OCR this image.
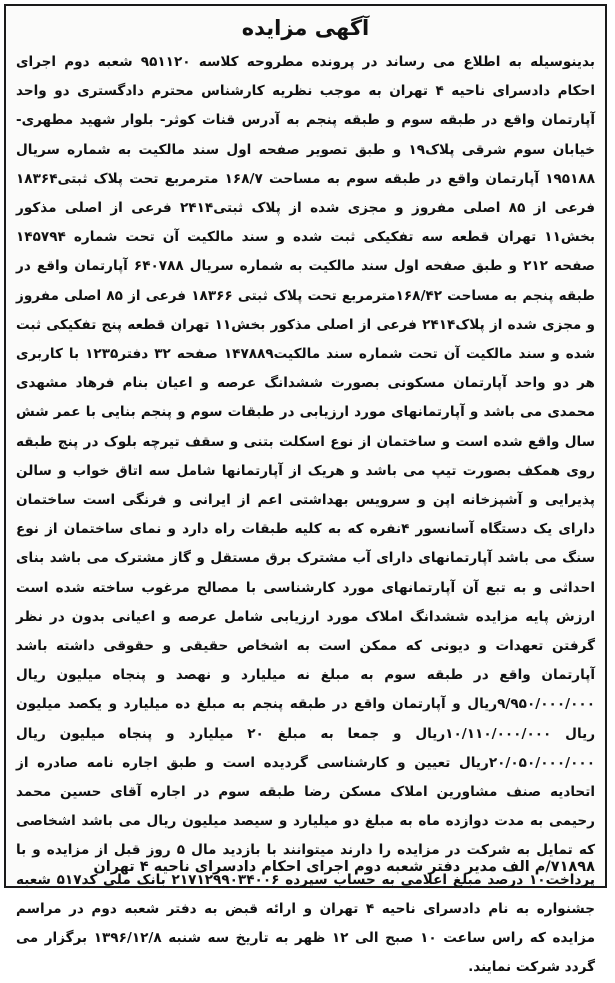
آگهی مزایده

بدینوسیله به اطلاع می رساند در پرونده مطروحه کلاسه ۹۵۱۱۲۰ شعبه دوم اجرای احکام دادسرای ناحیه ۴ تهران به موجب نظریه کارشناس محترم دادگستری دو واحد آپارتمان واقع در طبقه سوم و طبقه پنجم به آدرس قنات کوثر- بلوار شهید مطهری- خیابان سوم شرقی پلاک۱۹ و طبق تصویر صفحه اول سند مالکیت به شماره سریال ۱۹۵۱۸۸ آپارتمان واقع در طبقه سوم به مساحت ۱۶۸/۷ مترمربع تحت پلاک ثبتی۱۸۳۶۴ فرعی از ۸۵ اصلی مفروز و مجزی شده از پلاک ثبتی۲۴۱۴ فرعی از اصلی مذکور بخش۱۱ تهران قطعه سه تفکیکی ثبت شده و سند مالکیت آن تحت شماره ۱۴۵۷۹۴ صفحه ۲۱۲ و طبق صفحه اول سند مالکیت به شماره سریال ۶۴۰۷۸۸ آپارتمان واقع در طبقه پنجم به مساحت ۱۶۸/۴۲مترمربع تحت پلاک ثبتی ۱۸۳۶۶ فرعی از ۸۵ اصلی مفروز و مجزی شده از پلاک۲۴۱۴ فرعی از اصلی مذکور بخش۱۱ تهران قطعه پنج تفکیکی ثبت شده و سند مالکیت آن تحت شماره سند مالکیت۱۴۷۸۸۹ صفحه ۳۲ دفتر۱۲۳۵ با کاربری هر دو واحد آپارتمان مسکونی بصورت ششدانگ عرصه و اعیان بنام فرهاد مشهدی محمدی می باشد و آپارتمانهای مورد ارزیابی در طبقات سوم و پنجم بنایی با عمر شش سال واقع شده است و ساختمان از نوع اسکلت بتنی و سقف تیرچه بلوک در پنج طبقه روی همکف بصورت تیپ می باشد و هریک از آپارتمانها شامل سه اتاق خواب و سالن پذیرایی و آشپزخانه اپن و سرویس بهداشتی اعم از ایرانی و فرنگی است ساختمان دارای یک دستگاه آسانسور ۴نفره که به کلیه طبقات راه دارد و نمای ساختمان از نوع سنگ می باشد آپارتمانهای دارای آب مشترک برق مستقل و گاز مشترک می باشد بنای احداثی و به تبع آن آپارتمانهای مورد کارشناسی با مصالح مرغوب ساخته شده است ارزش پایه مزایده ششدانگ املاک مورد ارزیابی شامل عرصه و اعیانی بدون در نظر گرفتن تعهدات و دیونی که ممکن است به اشخاص حقیقی و حقوقی داشته باشد آپارتمان واقع در طبقه سوم به مبلغ نه میلیارد و نهصد و پنجاه میلیون ریال ۹/۹۵۰/۰۰۰/۰۰۰ریال و آپارتمان واقع در طبقه پنجم به مبلغ ده میلیارد و یکصد میلیون ریال ۱۰/۱۱۰/۰۰۰/۰۰۰ریال و جمعا به مبلغ ۲۰ میلیارد و پنجاه میلیون ریال ۲۰/۰۵۰/۰۰۰/۰۰۰ریال تعیین و کارشناسی گردیده است و طبق اجاره نامه صادره از اتحادیه صنف مشاورین املاک مسکن رضا طبقه سوم در اجاره آقای حسین محمد رحیمی به مدت دوازده ماه به مبلغ دو میلیارد و سیصد میلیون ریال می باشد اشخاصی که تمایل به شرکت در مزایده را دارند میتوانند با بازدید مال ۵ روز قبل از مزایده و با پرداخت۱۰ درصد مبلغ اعلامی به حساب سپرده ۲۱۷۱۲۹۹۰۳۴۰۰۶ بانک ملی کد۵۱۷ شعبه جشنواره به نام دادسرای ناحیه ۴ تهران و ارائه قبض به دفتر شعبه دوم در مراسم مزایده که راس ساعت ۱۰ صبح الی ۱۲ ظهر به تاریخ سه شنبه ۱۳۹۶/۱۲/۸ برگزار می گردد شرکت نمایند.

۷۱۸۹۸/م الف مدیر دفتر شعبه دوم اجرای احکام دادسرای ناحیه ۴ تهران
